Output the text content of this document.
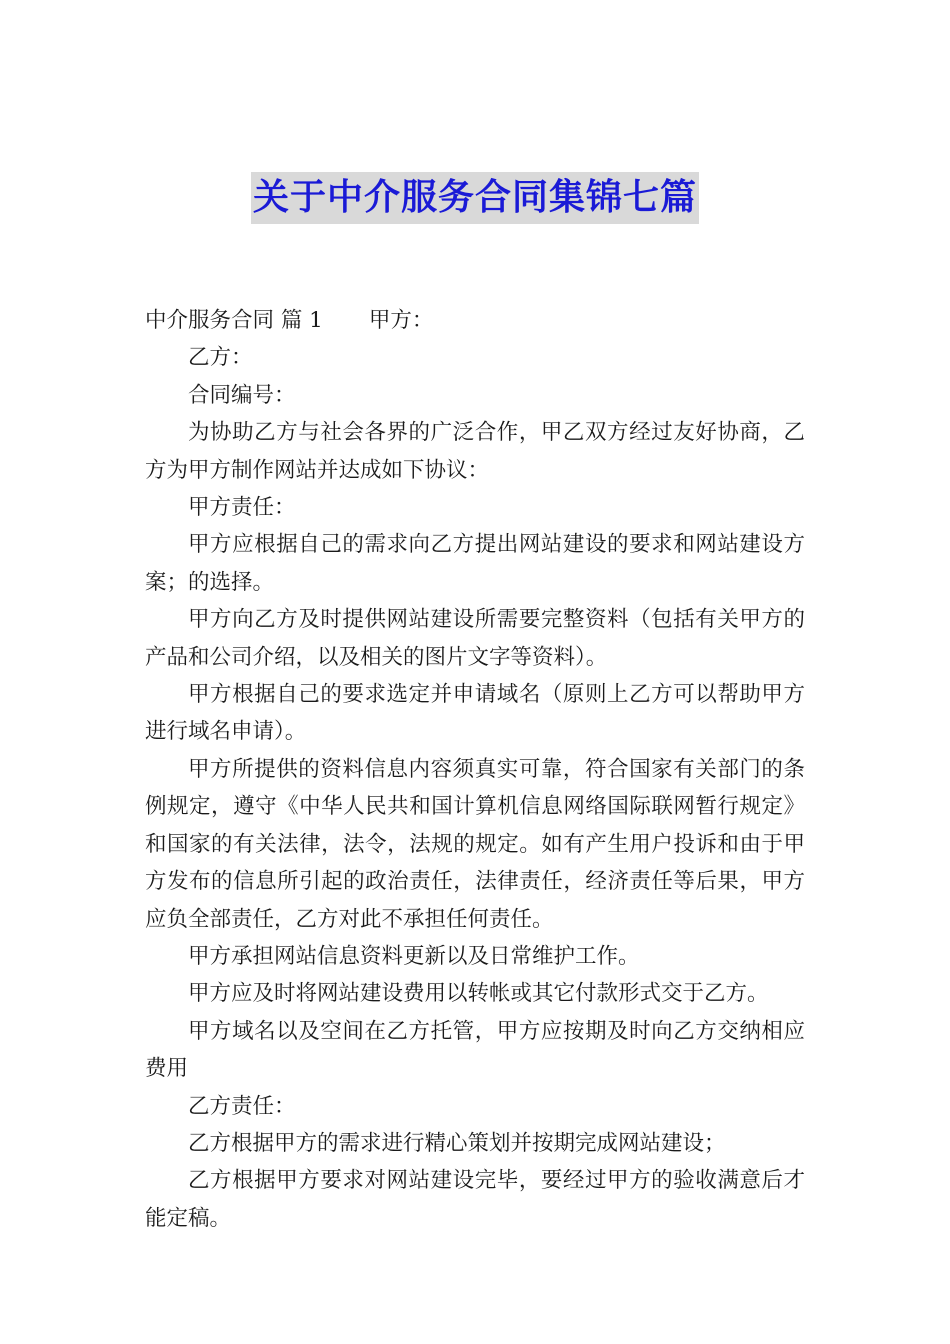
关于中介服务合同集锦七篇

中介服务合同 篇 1 甲方：

乙方：

合同编号：

为协助乙方与社会各界的广泛合作，甲乙双方经过友好协商，乙方为甲方制作网站并达成如下协议：

甲方责任：

甲方应根据自己的需求向乙方提出网站建设的要求和网站建设方案；的选择。

甲方向乙方及时提供网站建设所需要完整资料（包括有关甲方的产品和公司介绍，以及相关的图片文字等资料）。

甲方根据自己的要求选定并申请域名（原则上乙方可以帮助甲方进行域名申请）。

甲方所提供的资料信息内容须真实可靠，符合国家有关部门的条例规定，遵守《中华人民共和国计算机信息网络国际联网暂行规定》和国家的有关法律，法令，法规的规定。如有产生用户投诉和由于甲方发布的信息所引起的政治责任，法律责任，经济责任等后果，甲方应负全部责任，乙方对此不承担任何责任。

甲方承担网站信息资料更新以及日常维护工作。

甲方应及时将网站建设费用以转帐或其它付款形式交于乙方。

甲方域名以及空间在乙方托管，甲方应按期及时向乙方交纳相应费用

乙方责任：

乙方根据甲方的需求进行精心策划并按期完成网站建设；

乙方根据甲方要求对网站建设完毕，要经过甲方的验收满意后才能定稿。
